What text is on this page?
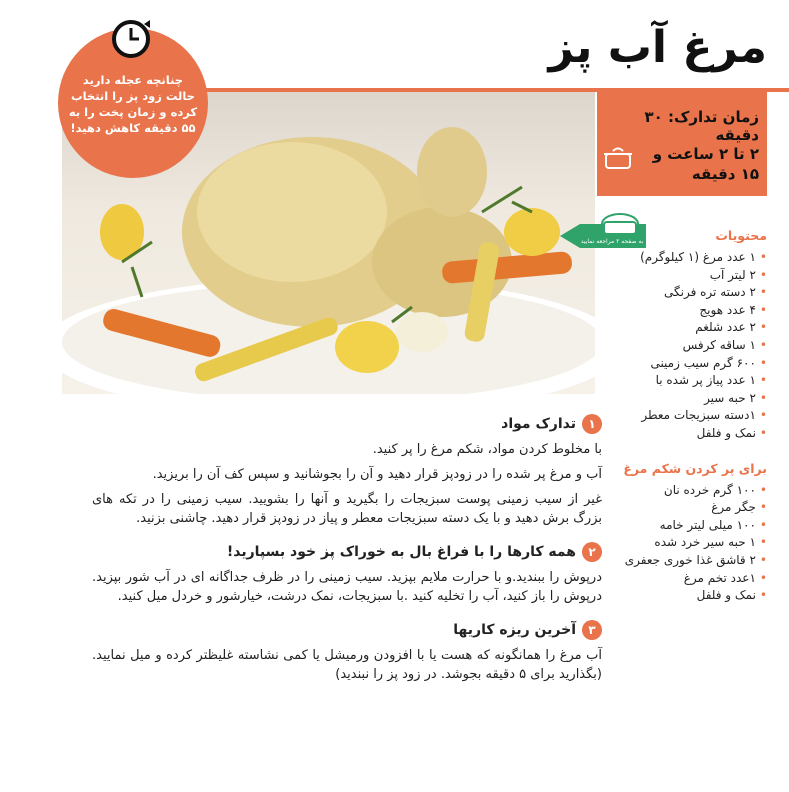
مرغ آب پز
زمان تدارک: ۳۰ دقیقه
۲ تا ۲ ساعت و ۱۵ دقیقه
چنانچه عجله دارید حالت زود پز را انتخاب کرده و زمان پخت را به ۵۵ دقیقه کاهش دهید!
به صفحه ۲ مراجعه نمایید	محتویات
• ۱ عدد مرغ (۱ کیلوگرم)
• ۲ لیتر آب
• ۲ دسته تره فرنگی
• ۴ عدد هویج
• ۲ عدد شلغم
• ۱ ساقه کرفس
• ۶۰۰ گرم سیب زمینی
• ۱ عدد پیاز پر شده با
• ۲ حبه سیر
• ۱دسته سبزیجات معطر
• نمک و فلفل
برای پر کردن شکم مرغ
• ۱۰۰ گرم خرده نان
• جگر مرغ
• ۱۰۰ میلی لیتر خامه
• ۱ حبه سیر خرد شده
• ۲ قاشق غذا خوری جعفری
• ۱عدد تخم مرغ
• نمک و فلفل
۱
تدارک مواد

با مخلوط کردن مواد، شکم مرغ را پر کنید.

آب و مرغ پر شده را در زودپز قرار دهید و آن را بجوشانید و سپس کف آن را بریزید.

غیر از سیب زمینی پوست سبزیجات را بگیرید و آنها را بشویید. سیب زمینی را در تکه های بزرگ برش دهید و با یک دسته سبزیجات معطر و پیاز در زودپز قرار دهید. چاشنی بزنید.

۲
همه کارها را با فراغ بال به خوراک پز خود بسپارید!

درپوش را ببندید.و با حرارت ملایم بپزید. سیب زمینی را در ظرف جداگانه ای در آب شور بپزید. درپوش را باز کنید، آب را تخلیه کنید .با سبزیجات، نمک درشت، خیارشور و خردل میل کنید.

۳
آخرین ریزه کاریها

آب مرغ را همانگونه که هست یا با افزودن ورمیشل یا کمی نشاسته غلیظتر کرده و میل نمایید. (بگذارید برای ۵ دقیقه بجوشد. در زود پز را نبندید)
